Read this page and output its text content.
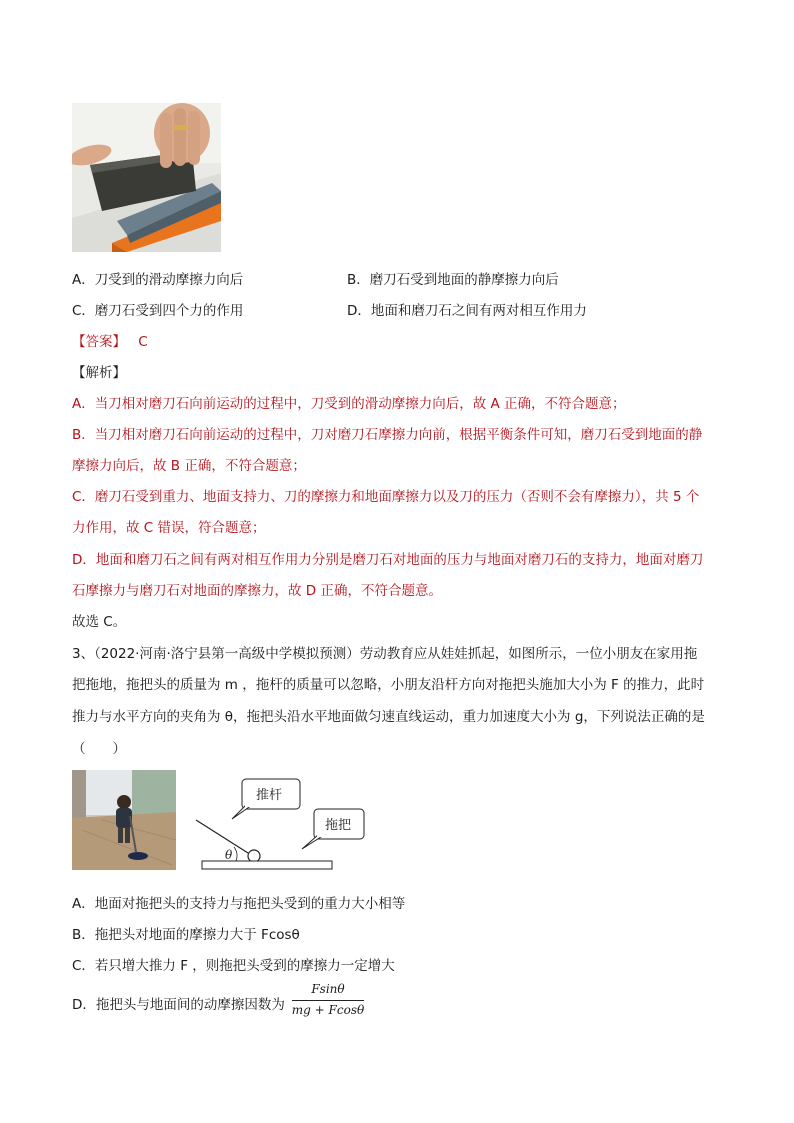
A．刀受到的滑动摩擦力向后	B．磨刀石受到地面的静摩擦力向后
C．磨刀石受到四个力的作用	D．地面和磨刀石之间有两对相互作用力
【答案】 C
【解析】
A．当刀相对磨刀石向前运动的过程中，刀受到的滑动摩擦力向后，故 A 正确，不符合题意；
B．当刀相对磨刀石向前运动的过程中，刀对磨刀石摩擦力向前，根据平衡条件可知，磨刀石受到地面的静
摩擦力向后，故 B 正确，不符合题意；
C．磨刀石受到重力、地面支持力、刀的摩擦力和地面摩擦力以及刀的压力（否则不会有摩擦力），共 5 个
力作用，故 C 错误，符合题意；
D．地面和磨刀石之间有两对相互作用力分别是磨刀石对地面的压力与地面对磨刀石的支持力，地面对磨刀
石摩擦力与磨刀石对地面的摩擦力，故 D 正确，不符合题意。
故选 C。
3、（2022·河南·洛宁县第一高级中学模拟预测）劳动教育应从娃娃抓起，如图所示，一位小朋友在家用拖
把拖地，拖把头的质量为 m ，拖杆的质量可以忽略，小朋友沿杆方向对拖把头施加大小为 F 的推力，此时
推力与水平方向的夹角为 θ，拖把头沿水平地面做匀速直线运动，重力加速度大小为 g，下列说法正确的是
（　　）
θ
推杆
拖把
A．地面对拖把头的支持力与拖把头受到的重力大小相等
B．拖把头对地面的摩擦力大于 Fcosθ
C．若只增大推力 F ，则拖把头受到的摩擦力一定增大
D．拖把头与地面间的动摩擦因数为
Fsinθ
mg + Fcosθ
